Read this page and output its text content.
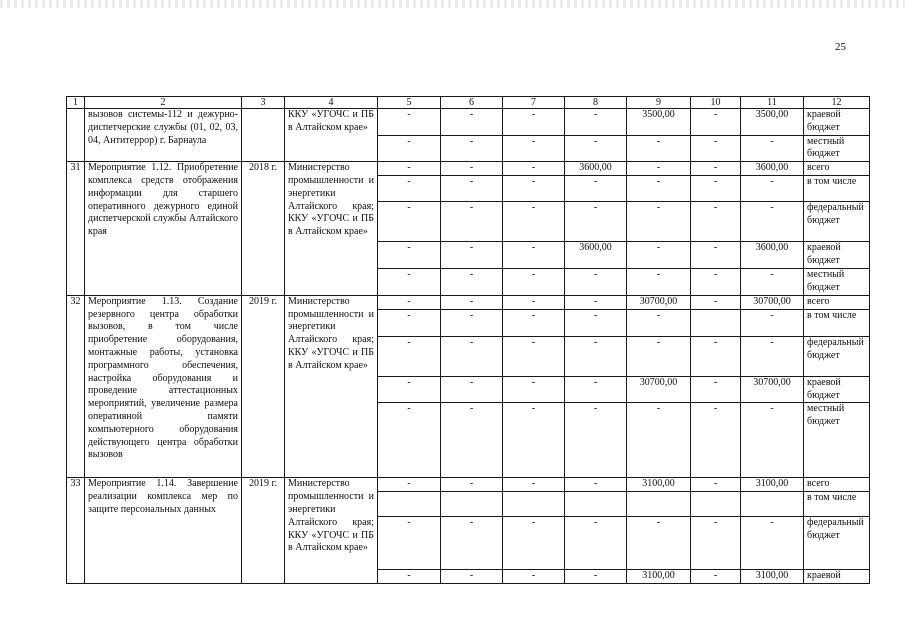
25
1	2	3	4	5	6	7	8	9	10	11	12
	вызовов системы-112 и дежурно-диспетчерские службы (01, 02, 03, 04, Антитеррор) г. Барнаула		ККУ «УГОЧС и ПБ в Алтайском крае»	-	-	-	-	3500,00	-	3500,00	краевой бюджет
				-	-	-	-	-	-	-	местный бюджет
31	Мероприятие 1.12. Приобретение комплекса средств отображения информации для старшего оперативного дежурного единой диспетчерской службы Алтайского края	2018 г.	Министерство промышленности и энергетики Алтайского края; ККУ «УГОЧС и ПБ в Алтайском крае»	-	-	-	3600,00	-	-	3600,00	всего
				-	-	-	-	-	-	-	в том числе
				-	-	-	-	-	-	-	федеральный бюджет
				-	-	-	3600,00	-	-	3600,00	краевой бюджет
				-	-	-	-	-	-	-	местный бюджет
32	Мероприятие 1.13. Создание резервного центра обработки вызовов, в том числе приобретение оборудования, монтажные работы, установка программного обеспечения, настройка оборудования и проведение аттестационных мероприятий, увеличение размера оперативной памяти компьютерного оборудования действующего центра обработки вызовов	2019 г.	Министерство промышленности и энергетики Алтайского края; ККУ «УГОЧС и ПБ в Алтайском крае»	-	-	-	-	30700,00	-	30700,00	всего
				-	-	-	-	-		-	в том числе
				-	-	-	-	-	-	-	федеральный бюджет
				-	-	-	-	30700,00	-	30700,00	краевой бюджет
				-	-	-	-	-	-	-	местный бюджет
33	Мероприятие 1.14. Завершение реализации комплекса мер по защите персональных данных	2019 г.	Министерство промышленности и энергетики Алтайского края; ККУ «УГОЧС и ПБ в Алтайском крае»	-	-	-	-	3100,00	-	3100,00	всего
											в том числе
				-	-	-	-	-	-	-	федеральный бюджет
				-	-	-	-	3100,00	-	3100,00	краевой
